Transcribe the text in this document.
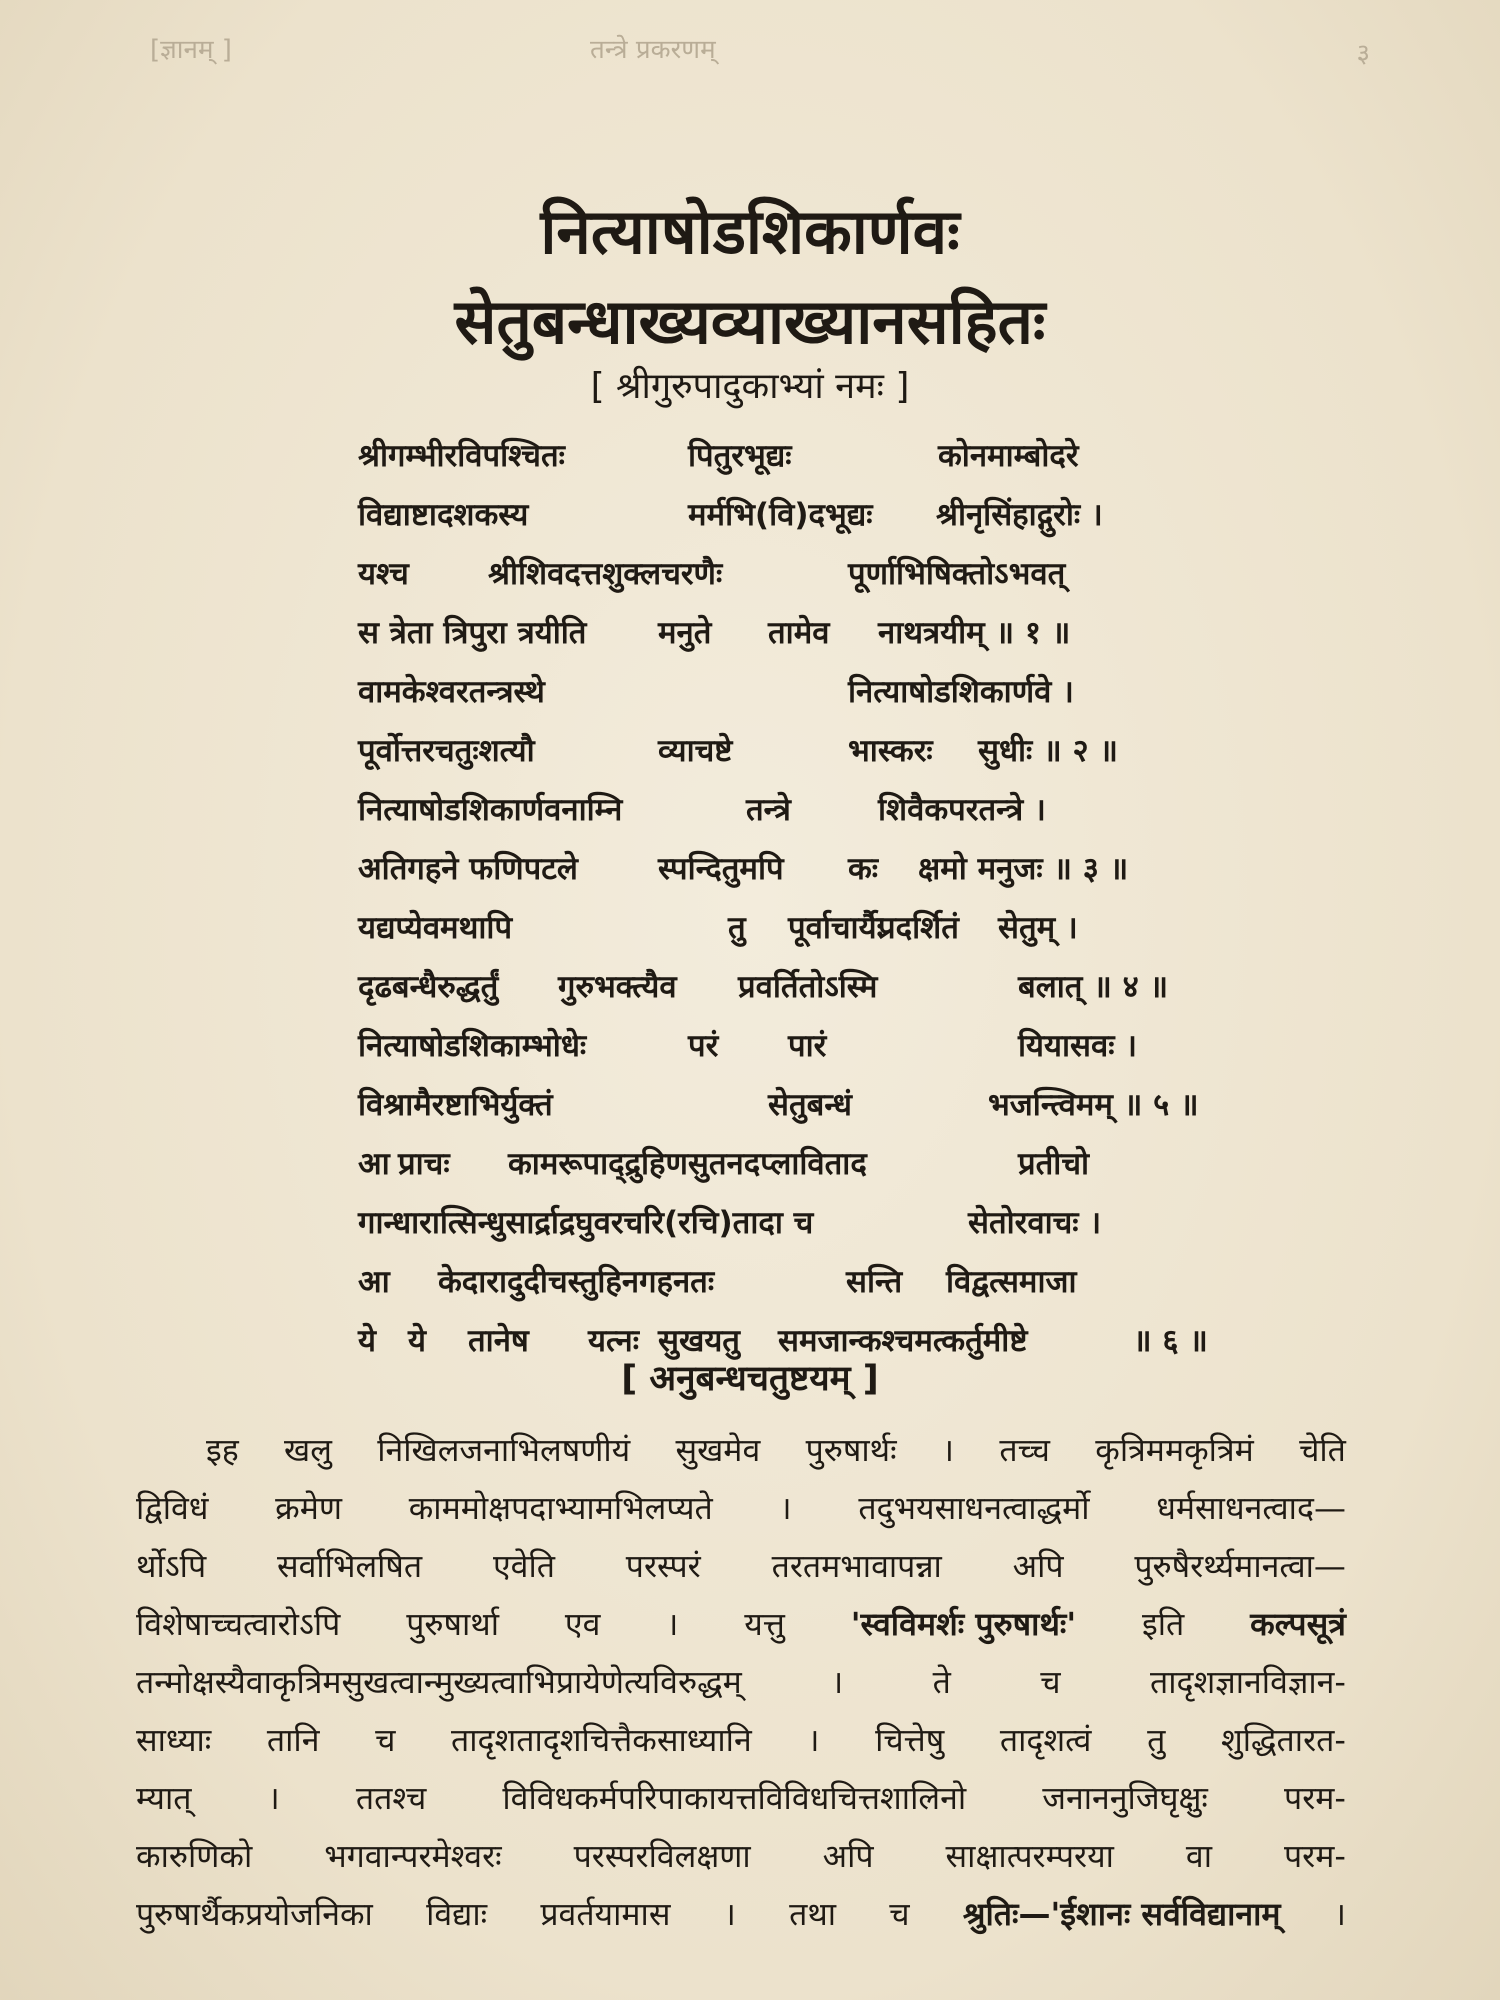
[ज्ञानम् ]	तन्त्रे प्रकरणम्	३
नित्याषोडशिकार्णवः
सेतुबन्धाख्यव्याख्यानसहितः
[ श्रीगुरुपादुकाभ्यां नमः ]
श्रीगम्भीरविपश्चितः	पितुरभूद्यः	कोनमाम्बोदरे
विद्याष्टादशकस्य	मर्मभि(वि)दभूद्यः श्रीनृसिंहाद्गुरोः ।
यश्च	श्रीशिवदत्तशुक्लचरणैः	पूर्णाभिषिक्तोऽभवत्
स त्रेता त्रिपुरा त्रयीति मनुते तामेव नाथत्रयीम् ॥ १ ॥
वामकेश्वरतन्त्रस्थे	नित्याषोडशिकार्णवे ।
पूर्वोत्तरचतुःशत्यौ	व्याचष्टे	भास्करः सुधीः ॥ २ ॥
नित्याषोडशिकार्णवनाम्नि	तन्त्रे	शिवैकपरतन्त्रे ।
अतिगहने फणिपटले	स्पन्दितुमपि कः क्षमो मनुजः ॥ ३ ॥
यद्यप्येवमथापि	तु पूर्वाचार्यैः
प्रदर्शितं सेतुम् ।
दृढबन्धैरुद्धर्तुं गुरुभक्त्यैव प्रवर्तितोऽस्मि	बलात् ॥ ४ ॥
नित्याषोडशिकाम्भोधेः	परं पारं	यियासवः ।
विश्रामैरष्टाभिर्युक्तं	सेतुबन्धं	भजन्त्विमम् ॥ ५ ॥
आ प्राचः कामरूपाद्द्रुहिणसुतनदप्लाविताद	प्रतीचो
गान्धारात्सिन्धुसार्द्राद्रघुवरचरि(रचि)तादा च	सेतोरवाचः ।
आ केदारादुदीचस्तुहिनगहनतः	सन्ति विद्वत्समाजा
ये ये तानेष यत्नः सुखयतु समजान्कश्चमत्कर्तुमीष्टे	॥ ६ ॥
[ अनुबन्धचतुष्टयम् ]
इह खलु निखिलजनाभिलषणीयं सुखमेव पुरुषार्थः । तच्च कृत्रिममकृत्रिमं चेति
द्विविधं क्रमेण काममोक्षपदाभ्यामभिलप्यते । तदुभयसाधनत्वाद्धर्मो धर्मसाधनत्वाद—
र्थोऽपि सर्वाभिलषित एवेति परस्परं तरतमभावापन्ना अपि पुरुषैरर्थ्यमानत्वा—
विशेषाच्चत्वारोऽपि पुरुषार्था एव । यत्तु 'स्वविमर्शः पुरुषार्थः' इति कल्पसूत्रं
तन्मोक्षस्यैवाकृत्रिमसुखत्वान्मुख्यत्वाभिप्रायेणेत्यविरुद्धम्	।	ते	च	तादृशज्ञानविज्ञान-
साध्याः तानि च तादृशतादृशचित्तैकसाध्यानि । चित्तेषु तादृशत्वं तु शुद्धितारत-
म्यात् । ततश्च विविधकर्मपरिपाकायत्तविविधचित्तशालिनो जनाननुजिघृक्षुः परम-
कारुणिको भगवान्परमेश्वरः परस्परविलक्षणा अपि साक्षात्परम्परया वा परम-
पुरुषार्थैकप्रयोजनिका विद्याः प्रवर्तयामास । तथा च श्रुतिः—'ईशानः सर्वविद्यानाम् ।
